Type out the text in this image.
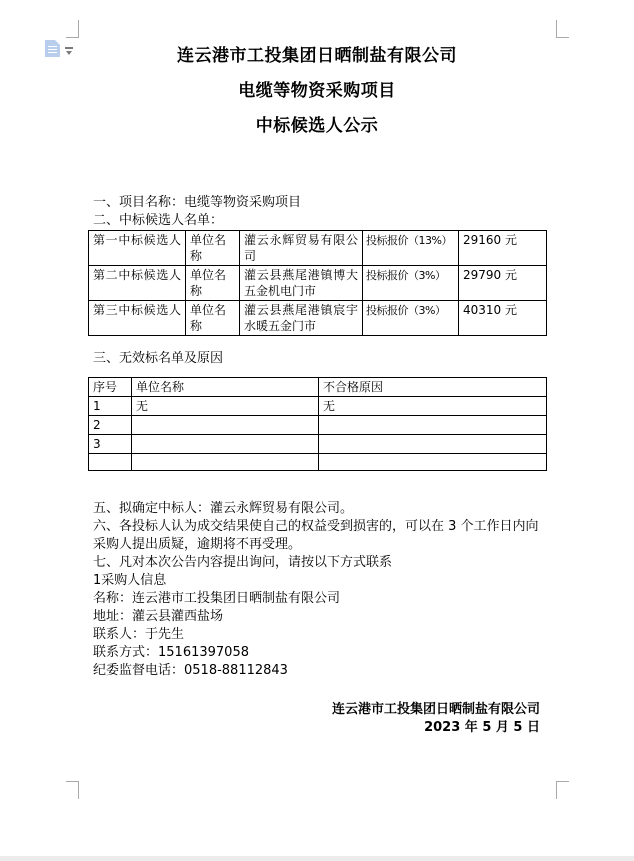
连云港市工投集团日晒制盐有限公司
电缆等物资采购项目
中标候选人公示

一、项目名称：电缆等物资采购项目

二、中标候选人名单：

第一中标候选人	单位名称	灌云永辉贸易有限公司	投标报价（13%）	29160 元
第二中标候选人	单位名称	灌云县燕尾港镇博大五金机电门市	投标报价（3%）	29790 元
第三中标候选人	单位名称	灌云县燕尾港镇宸宇水暖五金门市	投标报价（3%）	40310 元

三、无效标名单及原因

序号	单位名称	不合格原因
1	无	无
2		
3		

五、拟确定中标人：灌云永辉贸易有限公司。

六、各投标人认为成交结果使自己的权益受到损害的，可以在 3 个工作日内向采购人提出质疑，逾期将不再受理。

七、凡对本次公告内容提出询问，请按以下方式联系

1采购人信息

名称：连云港市工投集团日晒制盐有限公司

地址：灌云县灌西盐场

联系人：于先生

联系方式：15161397058

纪委监督电话：0518-88112843

连云港市工投集团日晒制盐有限公司
2023 年 5 月 5 日
